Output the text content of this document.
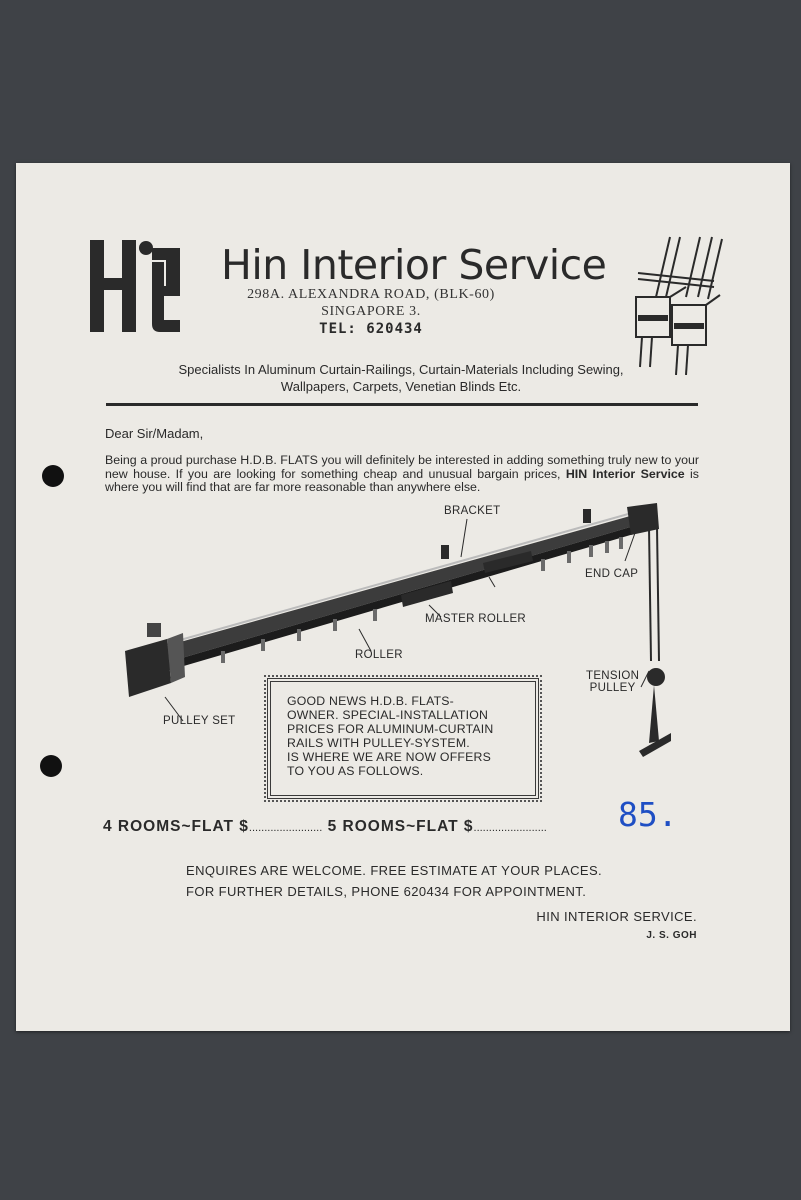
Hin Interior Service
298A. ALEXANDRA ROAD, (BLK-60)
SINGAPORE 3.
TEL: 620434
Specialists In Aluminum Curtain-Railings, Curtain-Materials Including Sewing,
Wallpapers, Carpets, Venetian Blinds Etc.
Dear Sir/Madam,
Being a proud purchase H.D.B. FLATS you will definitely be interested in adding something truly new to your new house. If you are looking for something cheap and unusual bargain prices, HIN Interior Service is where you will find that are far more reasonable than anywhere else.
BRACKET
END CAP
MASTER ROLLER
ROLLER
TENSION
PULLEY
PULLEY SET
GOOD NEWS H.D.B. FLATS-
OWNER. SPECIAL-INSTALLATION
PRICES FOR ALUMINUM-CURTAIN
RAILS WITH PULLEY-SYSTEM.
IS WHERE WE ARE NOW OFFERS
TO YOU AS FOLLOWS.
4 ROOMS~FLAT $........................ 5 ROOMS~FLAT $........................	85.
ENQUIRES ARE WELCOME. FREE ESTIMATE AT YOUR PLACES.
FOR FURTHER DETAILS, PHONE 620434 FOR APPOINTMENT.
HIN INTERIOR SERVICE.
J. S. GOH
